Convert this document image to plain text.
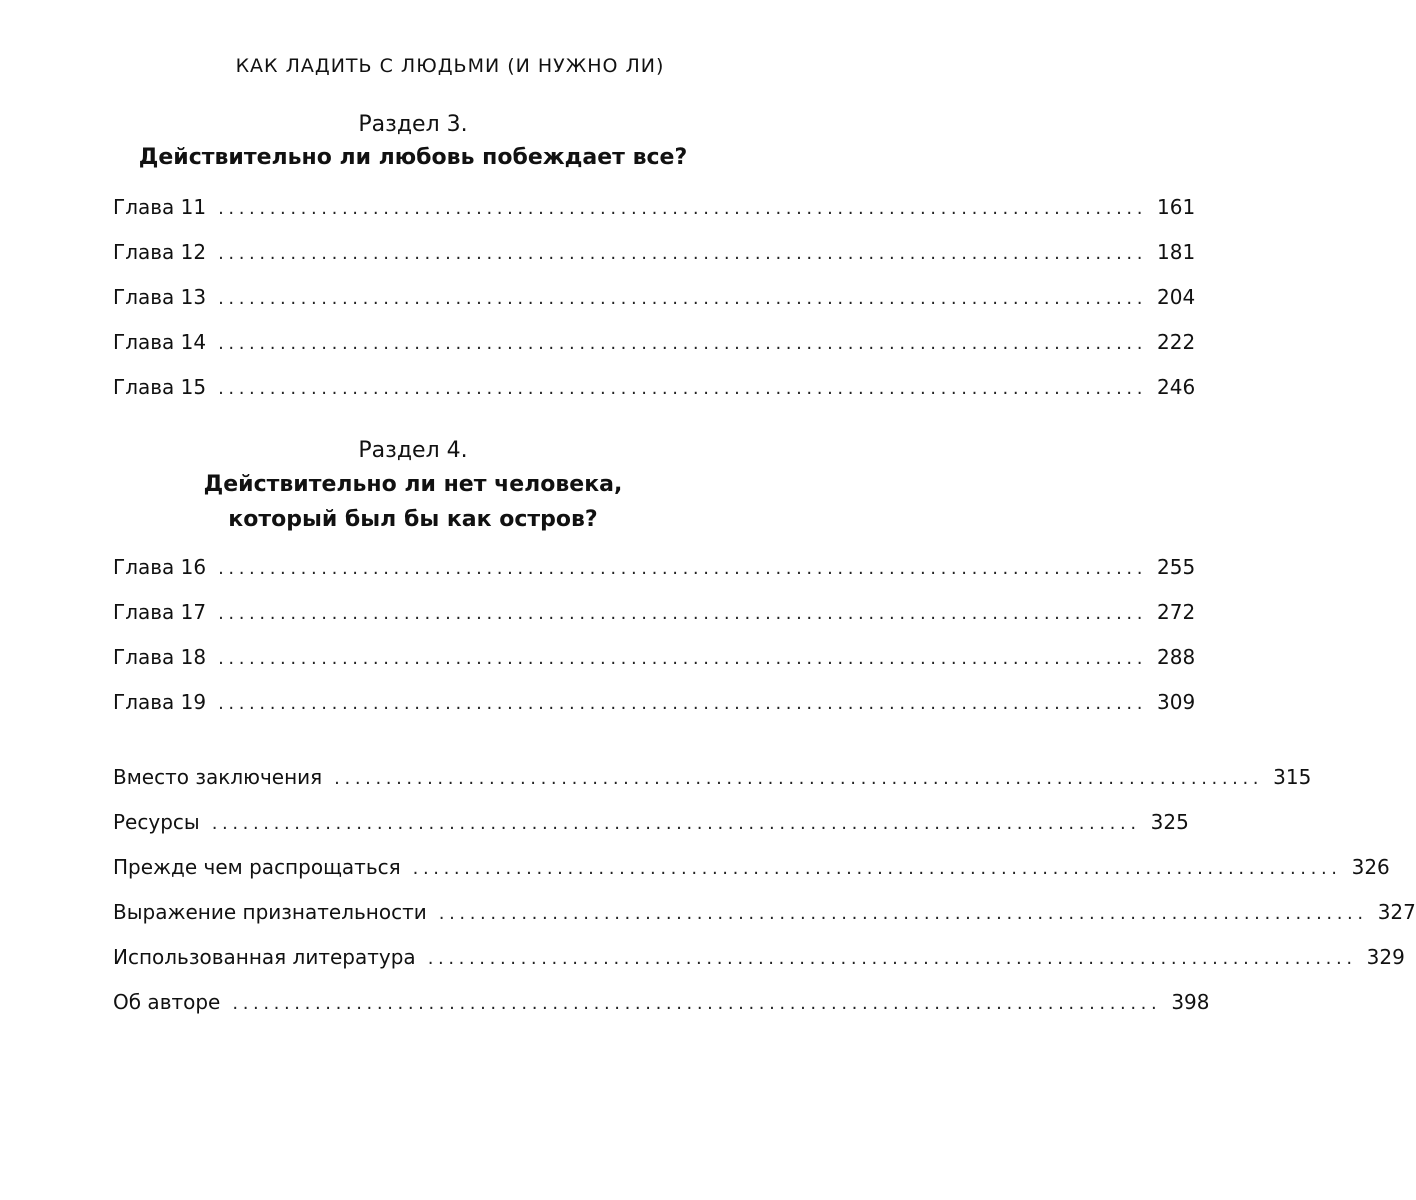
КАК ЛАДИТЬ С ЛЮДЬМИ (И НУЖНО ЛИ)
Раздел 3.
Действительно ли любовь побеждает все?
Глава 11 .......................................................................................... 161
Глава 12 .......................................................................................... 181
Глава 13 .......................................................................................... 204
Глава 14 .......................................................................................... 222
Глава 15 .......................................................................................... 246
Раздел 4.
Действительно ли нет человека,
который был бы как остров?
Глава 16 .......................................................................................... 255
Глава 17 .......................................................................................... 272
Глава 18 .......................................................................................... 288
Глава 19 .......................................................................................... 309
Вместо заключения .......................................................................................... 315
Ресурсы .......................................................................................... 325
Прежде чем распрощаться .......................................................................................... 326
Выражение признательности .......................................................................................... 327
Использованная литература .......................................................................................... 329
Об авторе .......................................................................................... 398
